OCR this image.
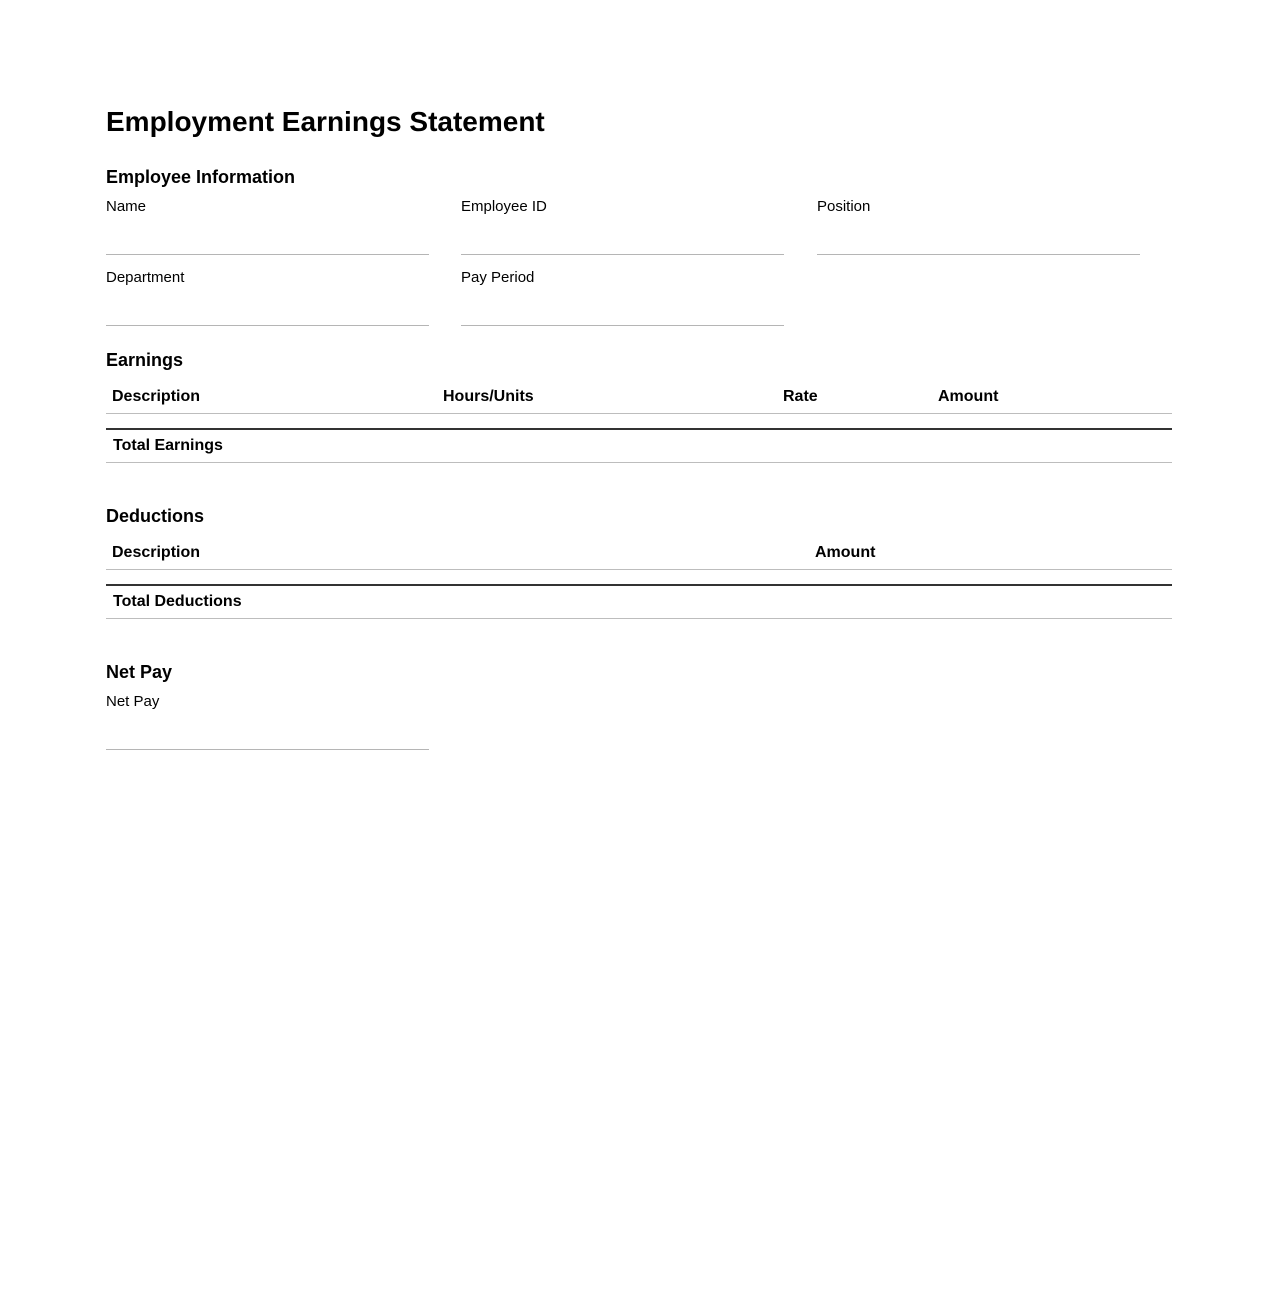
Employment Earnings Statement
Employee Information
Name	Employee ID	Position
Department	Pay Period
Earnings
Description	Hours/Units	Rate	Amount

Total Earnings			
Deductions
Description	Amount

Total Deductions	
Net Pay
Net Pay
